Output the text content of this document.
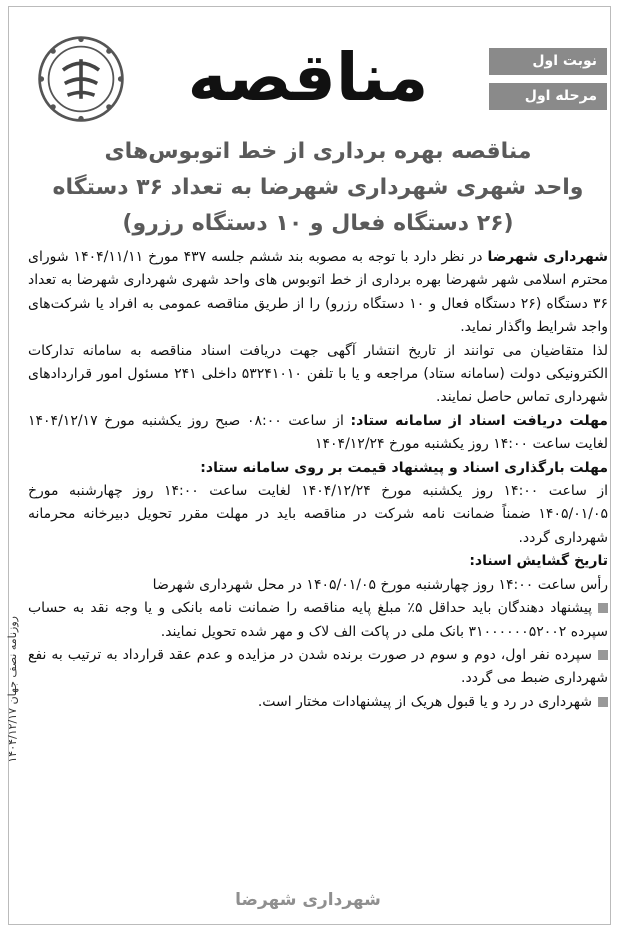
نوبت اول
مرحله اول
مناقصه
مناقصه بهره برداری از خط اتوبوس‌های
واحد شهری شهرداری شهرضا به تعداد ۳۶ دستگاه
(۲۶ دستگاه فعال و ۱۰ دستگاه رزرو)

شهرداری شهرضا در نظر دارد با توجه به مصوبه بند ششم جلسه ۴۳۷ مورخ ۱۴۰۴/۱۱/۱۱ شورای محترم اسلامی شهر شهرضا بهره برداری از خط اتوبوس های واحد شهری شهرداری شهرضا به تعداد ۳۶ دستگاه (۲۶ دستگاه فعال و ۱۰ دستگاه رزرو) را از طریق مناقصه عمومی به افراد یا شرکت‌های واجد شرایط واگذار نماید.

لذا متقاضیان می توانند از تاریخ انتشار آگهی جهت دریافت اسناد مناقصه به سامانه تدارکات الکترونیکی دولت (سامانه ستاد) مراجعه و یا با تلفن ۵۳۲۴۱۰۱۰ داخلی ۲۴۱ مسئول امور قراردادهای شهرداری تماس حاصل نمایند.

مهلت دریافت اسناد از سامانه ستاد: از ساعت ۰۸:۰۰ صبح روز یکشنبه مورخ ۱۴۰۴/۱۲/۱۷ لغایت ساعت ۱۴:۰۰ روز یکشنبه مورخ ۱۴۰۴/۱۲/۲۴

مهلت بارگذاری اسناد و پیشنهاد قیمت بر روی سامانه ستاد:

از ساعت ۱۴:۰۰ روز یکشنبه مورخ ۱۴۰۴/۱۲/۲۴ لغایت ساعت ۱۴:۰۰ روز چهارشنبه مورخ ۱۴۰۵/۰۱/۰۵ ضمناً ضمانت نامه شرکت در مناقصه باید در مهلت مقرر تحویل دبیرخانه محرمانه شهرداری گردد.

تاریخ گشایش اسناد:

رأس ساعت ۱۴:۰۰ روز چهارشنبه مورخ ۱۴۰۵/۰۱/۰۵ در محل شهرداری شهرضا

پیشنهاد دهندگان باید حداقل ۵٪ مبلغ پایه مناقصه را ضمانت نامه بانکی و یا وجه نقد به حساب سپرده ۳۱۰۰۰۰۰۰۵۲۰۰۲ بانک ملی در پاکت الف لاک و مهر شده تحویل نمایند.

سپرده نفر اول، دوم و سوم در صورت برنده شدن در مزایده و عدم عقد قرارداد به ترتیب به نفع شهرداری ضبط می گردد.

شهرداری در رد و یا قبول هریک از پیشنهادات مختار است.

روزنامه نصف جهان ۱۴۰۴/۱۲/۱۷
شهرداری شهرضا
